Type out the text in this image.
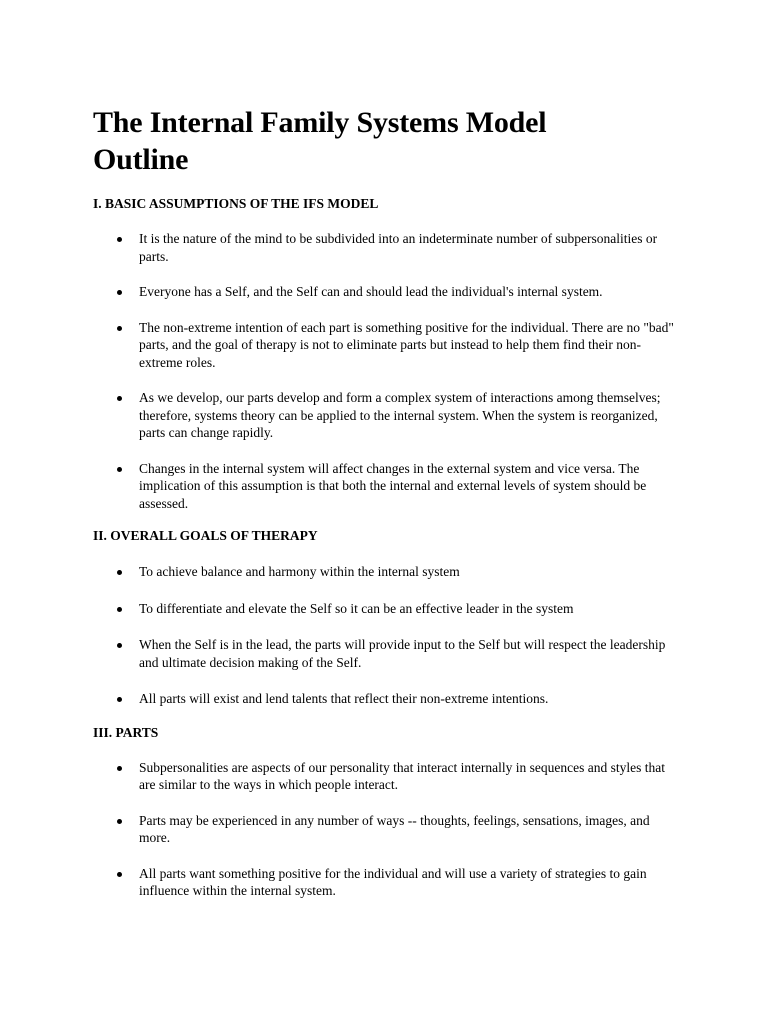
The Internal Family Systems Model
Outline
I. BASIC ASSUMPTIONS OF THE IFS MODEL
It is the nature of the mind to be subdivided into an indeterminate number of subpersonalities or parts.
Everyone has a Self, and the Self can and should lead the individual's internal system.
The non-extreme intention of each part is something positive for the individual. There are no "bad" parts, and the goal of therapy is not to eliminate parts but instead to help them find their non-extreme roles.
As we develop, our parts develop and form a complex system of interactions among themselves; therefore, systems theory can be applied to the internal system. When the system is reorganized, parts can change rapidly.
Changes in the internal system will affect changes in the external system and vice versa. The implication of this assumption is that both the internal and external levels of system should be assessed.
II. OVERALL GOALS OF THERAPY
To achieve balance and harmony within the internal system
To differentiate and elevate the Self so it can be an effective leader in the system
When the Self is in the lead, the parts will provide input to the Self but will respect the leadership and ultimate decision making of the Self.
All parts will exist and lend talents that reflect their non-extreme intentions.
III. PARTS
Subpersonalities are aspects of our personality that interact internally in sequences and styles that are similar to the ways in which people interact.
Parts may be experienced in any number of ways -- thoughts, feelings, sensations, images, and more.
All parts want something positive for the individual and will use a variety of strategies to gain influence within the internal system.
